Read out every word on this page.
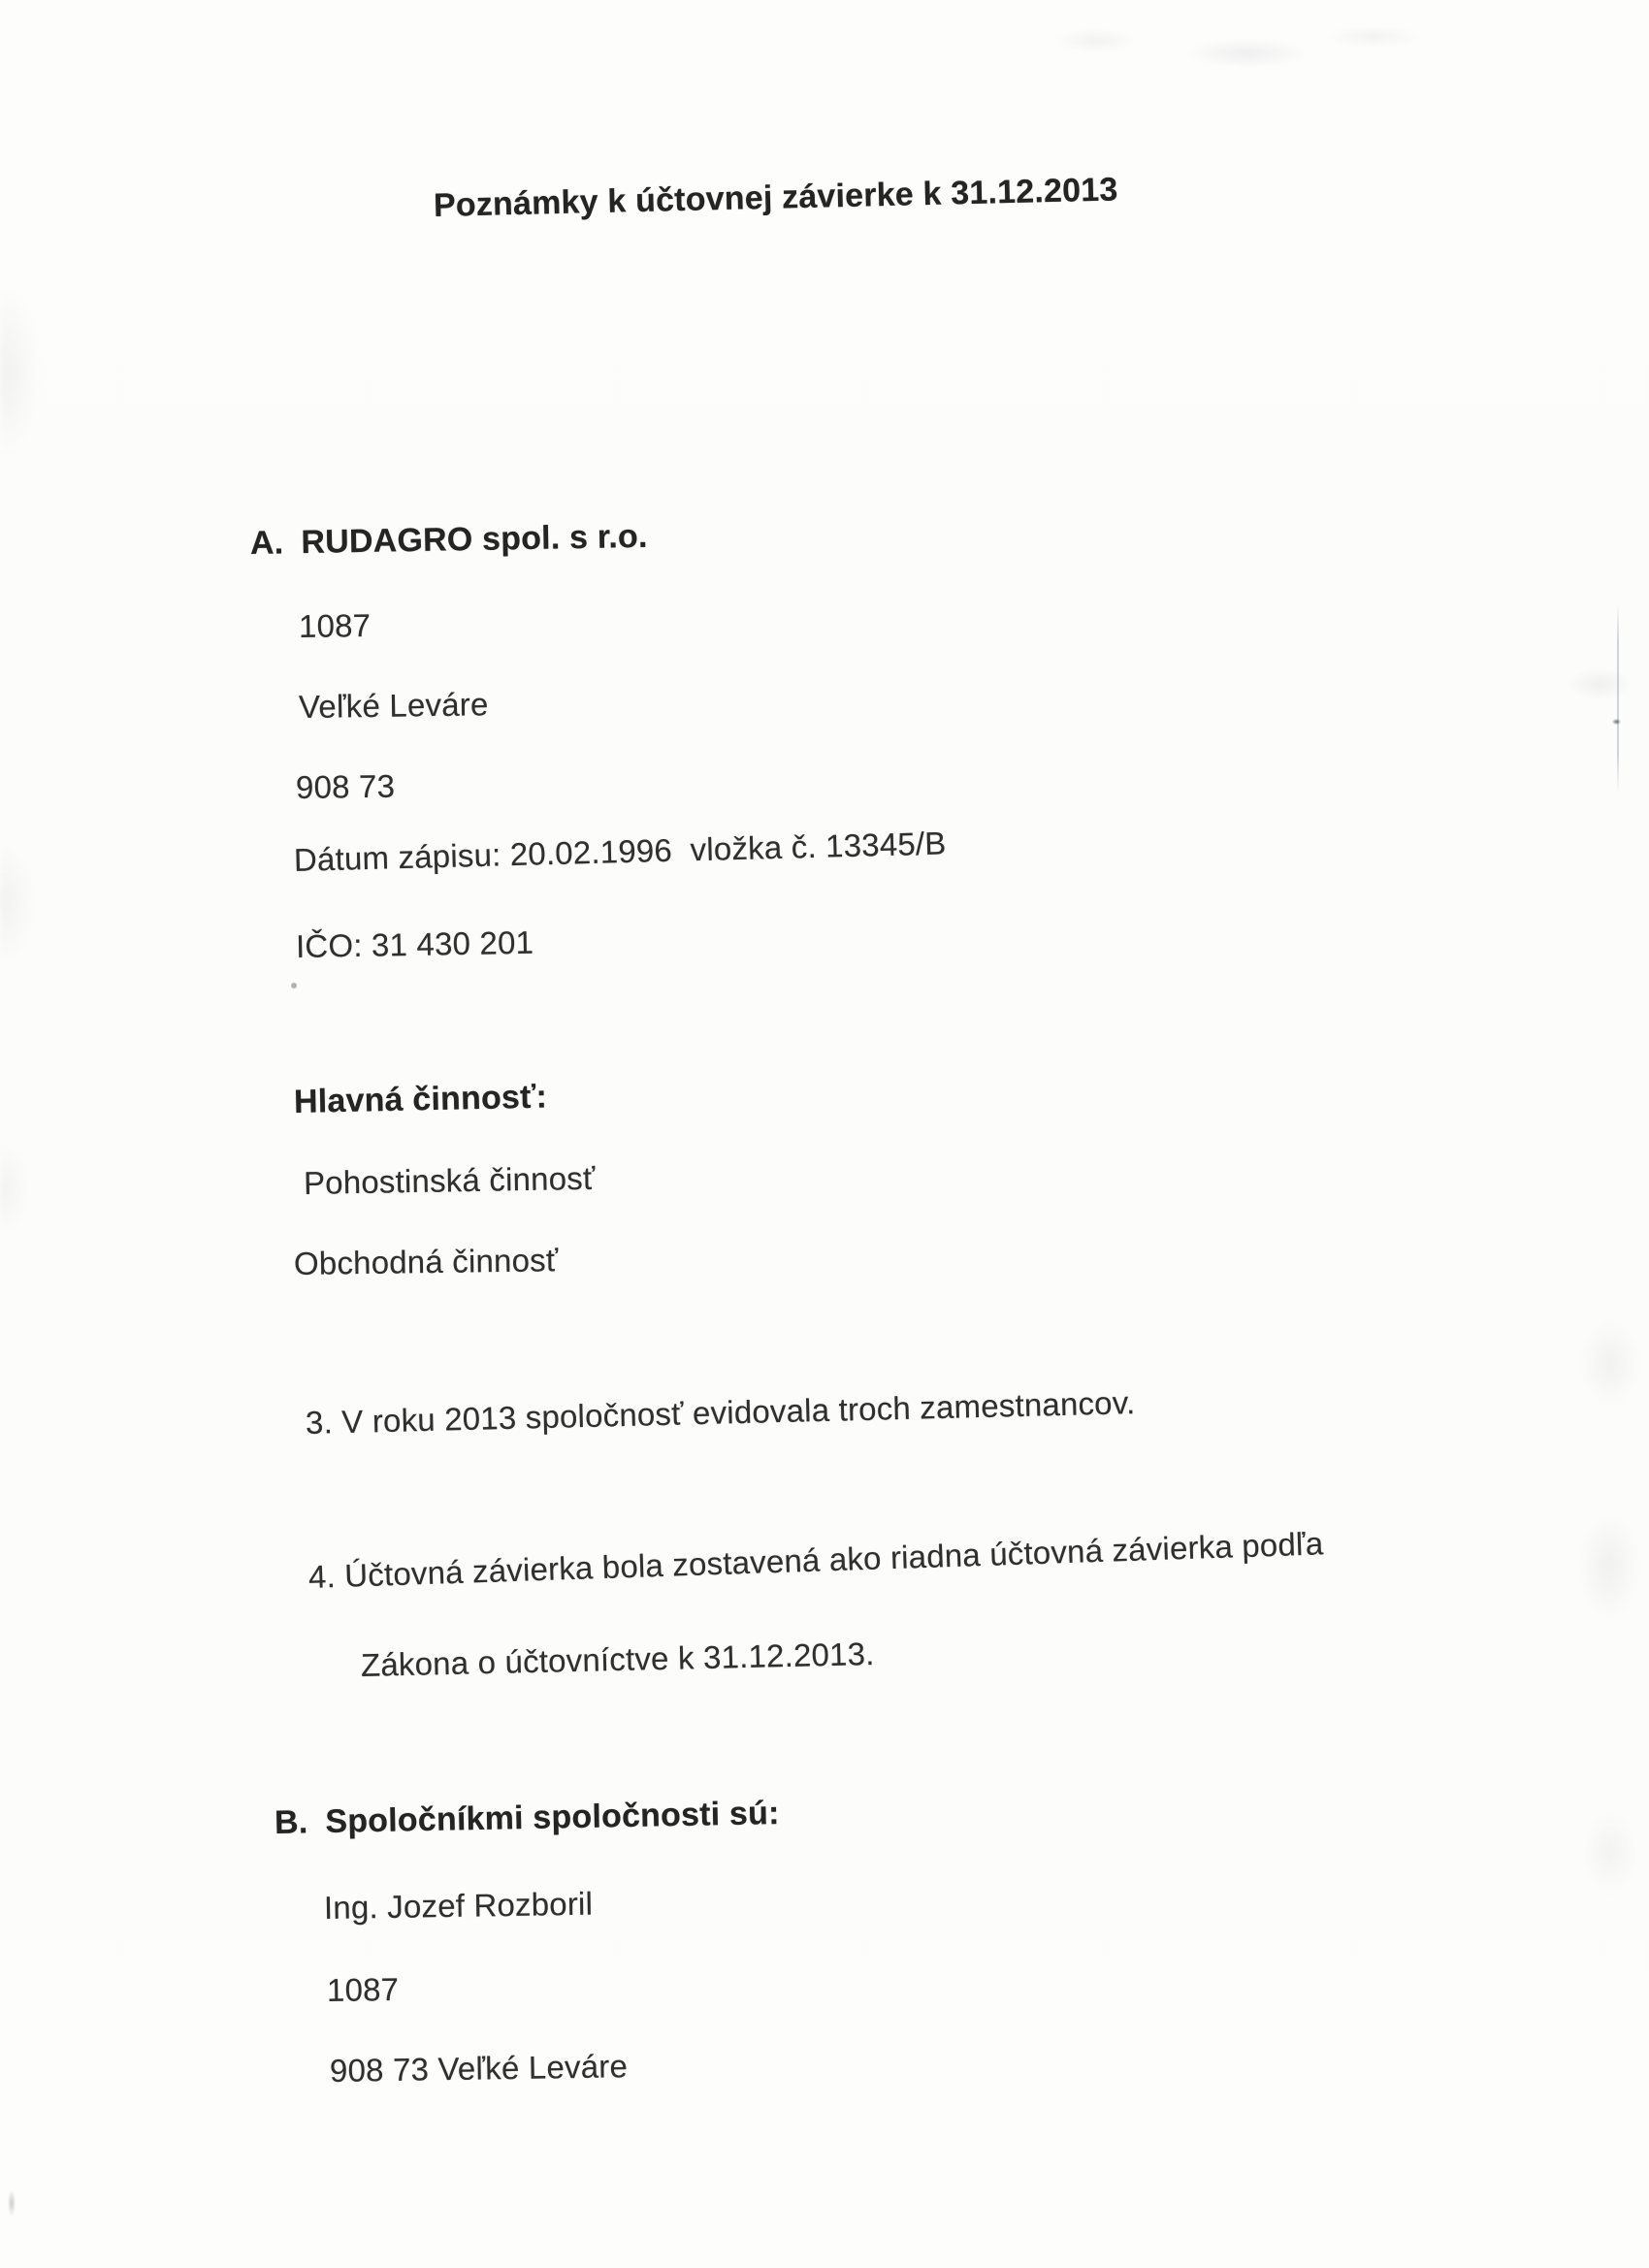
Poznámky k účtovnej závierke k 31.12.2013
A. RUDAGRO spol. s r.o.
1087
Veľké Leváre
908 73
Dátum zápisu: 20.02.1996  vložka č. 13345/B
IČO: 31 430 201
Hlavná činnosť:
Pohostinská činnosť
Obchodná činnosť
3. V roku 2013 spoločnosť evidovala troch zamestnancov.
4. Účtovná závierka bola zostavená ako riadna účtovná závierka podľa
Zákona o účtovníctve k 31.12.2013.
B. Spoločníkmi spoločnosti sú:
Ing. Jozef Rozboril
1087
908 73 Veľké Leváre
